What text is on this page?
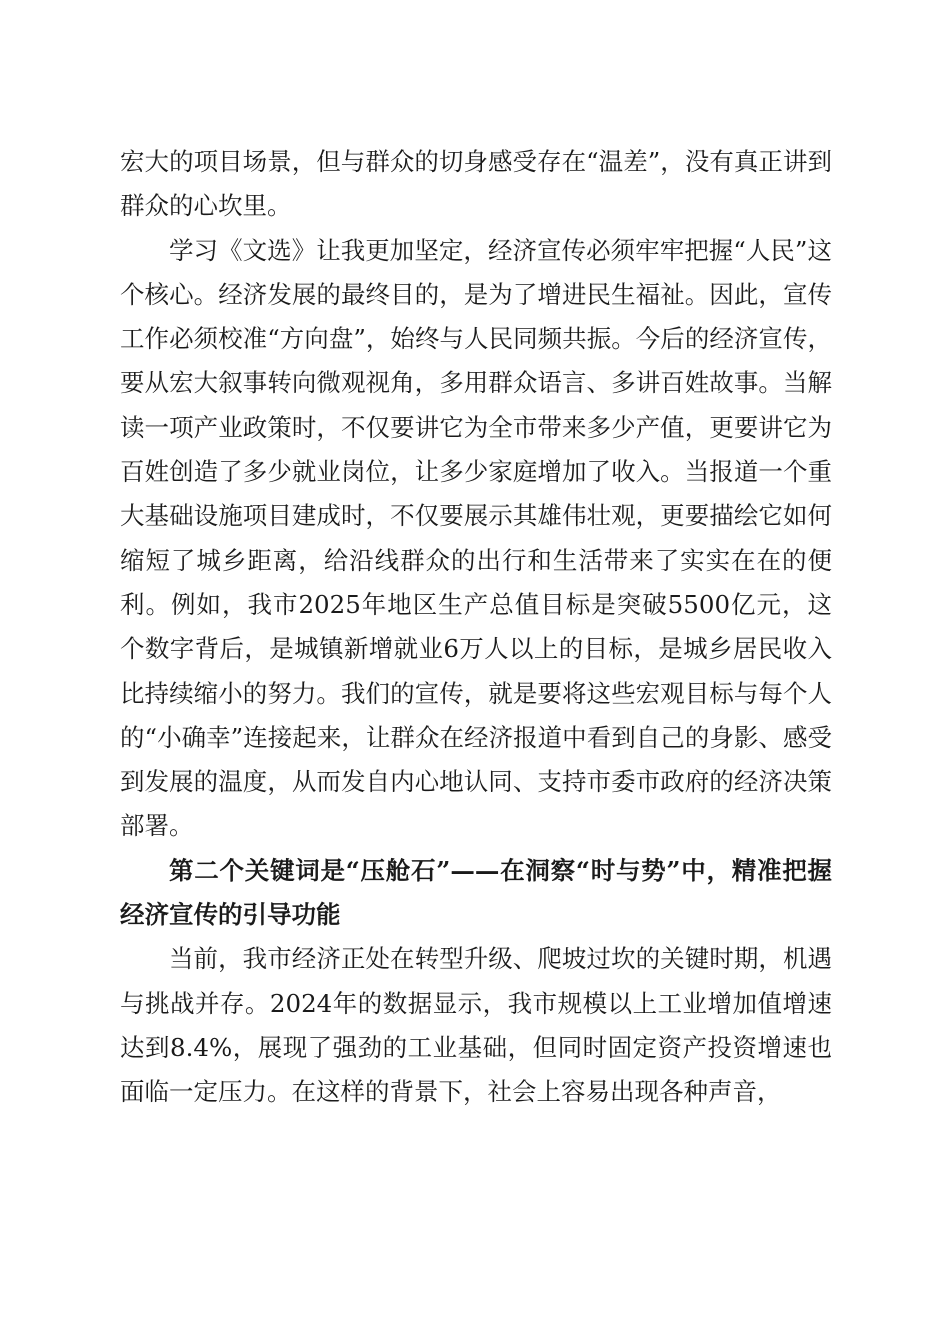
宏大的项目场景，但与群众的切身感受存在“温差”，没有真正讲到群众的心坎里。

学习《文选》让我更加坚定，经济宣传必须牢牢把握“人民”这个核心。经济发展的最终目的，是为了增进民生福祉。因此，宣传工作必须校准“方向盘”，始终与人民同频共振。今后的经济宣传，要从宏大叙事转向微观视角，多用群众语言、多讲百姓故事。当解读一项产业政策时，不仅要讲它为全市带来多少产值，更要讲它为百姓创造了多少就业岗位，让多少家庭增加了收入。当报道一个重大基础设施项目建成时，不仅要展示其雄伟壮观，更要描绘它如何缩短了城乡距离，给沿线群众的出行和生活带来了实实在在的便利。例如，我市2025年地区生产总值目标是突破5500亿元，这个数字背后，是城镇新增就业6万人以上的目标，是城乡居民收入比持续缩小的努力。我们的宣传，就是要将这些宏观目标与每个人的“小确幸”连接起来，让群众在经济报道中看到自己的身影、感受到发展的温度，从而发自内心地认同、支持市委市政府的经济决策部署。

第二个关键词是“压舱石”——在洞察“时与势”中，精准把握经济宣传的引导功能

当前，我市经济正处在转型升级、爬坡过坎的关键时期，机遇与挑战并存。2024年的数据显示，我市规模以上工业增加值增速达到8.4%，展现了强劲的工业基础，但同时固定资产投资增速也面临一定压力。在这样的背景下，社会上容易出现各种声音，
